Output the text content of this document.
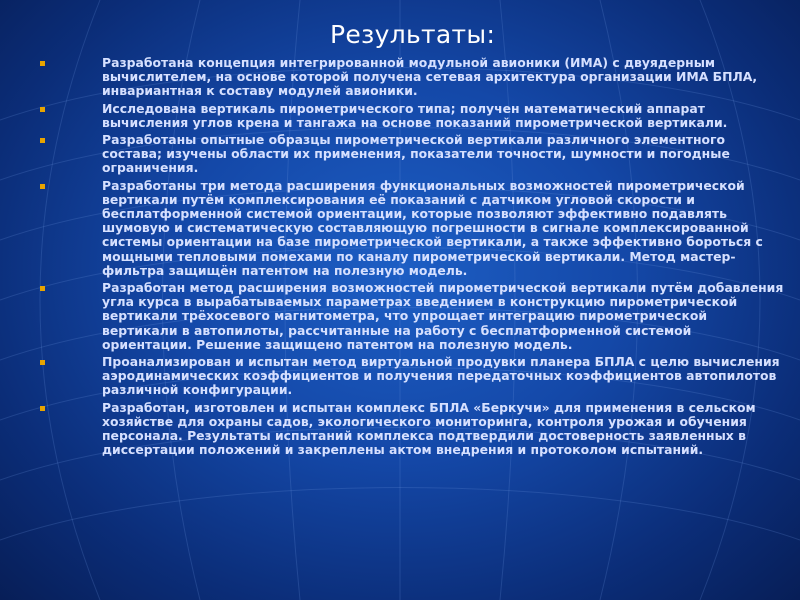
Результаты:
Разработана концепция интегрированной модульной авионики (ИМА) с двуядерным вычислителем, на основе которой получена сетевая архитектура организации ИМА БПЛА, инвариантная к составу модулей авионики.
Исследована вертикаль пирометрического типа; получен математический аппарат вычисления углов крена и тангажа на основе показаний пирометрической вертикали.
Разработаны опытные образцы пирометрической вертикали различного элементного состава; изучены области их применения, показатели точности, шумности и погодные ограничения.
Разработаны три метода расширения функциональных возможностей пирометрической вертикали путём комплексирования её показаний с датчиком угловой скорости и бесплатформенной системой ориентации, которые позволяют эффективно подавлять шумовую и систематическую составляющую погрешности в сигнале комплексированной системы ориентации на базе пирометрической вертикали, а также эффективно бороться с мощными тепловыми помехами по каналу пирометрической вертикали. Метод мастер-фильтра защищён патентом на полезную модель.
Разработан метод расширения возможностей пирометрической вертикали путём добавления угла курса в вырабатываемых параметрах введением в конструкцию пирометрической вертикали трёхосевого магнитометра, что упрощает интеграцию пирометрической вертикали в автопилоты, рассчитанные на работу с бесплатформенной системой ориентации. Решение защищено патентом на полезную модель.
Проанализирован и испытан метод виртуальной продувки планера БПЛА с целю вычисления аэродинамических коэффициентов и получения передаточных коэффициентов автопилотов различной конфигурации.
Разработан, изготовлен и испытан комплекс БПЛА «Беркучи» для применения в сельском хозяйстве для охраны садов, экологического мониторинга, контроля урожая и обучения персонала. Результаты испытаний комплекса подтвердили достоверность заявленных в диссертации положений и закреплены актом внедрения и протоколом испытаний.
